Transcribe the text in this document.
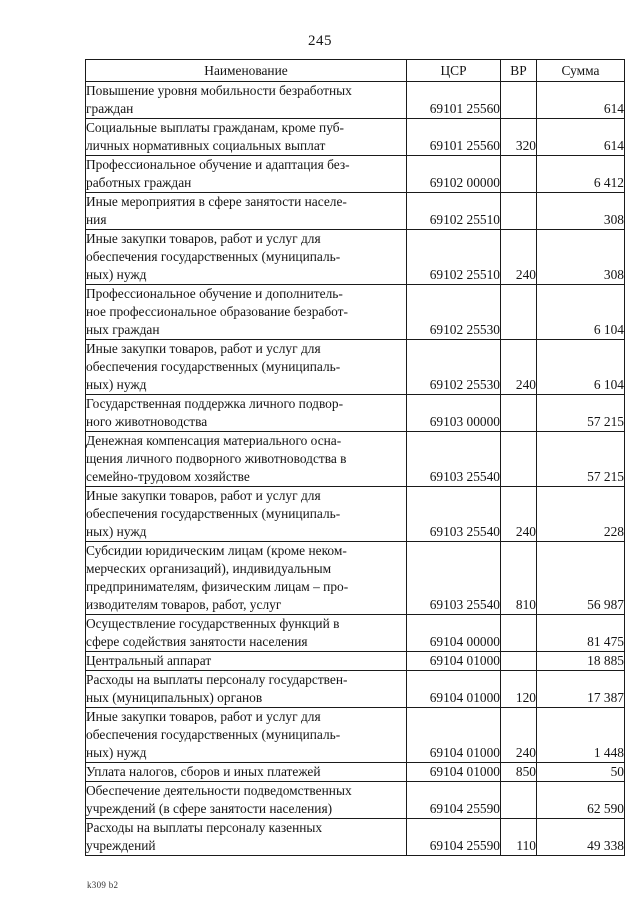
245
Наименование	ЦСР	ВР	Сумма
Повышение уровня мобильности безработных
граждан	69101 25560		614
Социальные выплаты гражданам, кроме пуб-
личных нормативных социальных выплат	69101 25560	320	614
Профессиональное обучение и адаптация без-
работных граждан	69102 00000		6 412
Иные мероприятия в сфере занятости населе-
ния	69102 25510		308
Иные закупки товаров, работ и услуг для
обеспечения государственных (муниципаль-
ных) нужд	69102 25510	240	308
Профессиональное обучение и дополнитель-
ное профессиональное образование безработ-
ных граждан	69102 25530		6 104
Иные закупки товаров, работ и услуг для
обеспечения государственных (муниципаль-
ных) нужд	69102 25530	240	6 104
Государственная поддержка личного подвор-
ного животноводства	69103 00000		57 215
Денежная компенсация материального осна-
щения личного подворного животноводства в
семейно-трудовом хозяйстве	69103 25540		57 215
Иные закупки товаров, работ и услуг для
обеспечения государственных (муниципаль-
ных) нужд	69103 25540	240	228
Субсидии юридическим лицам (кроме неком-
мерческих организаций), индивидуальным
предпринимателям, физическим лицам – про-
изводителям товаров, работ, услуг	69103 25540	810	56 987
Осуществление государственных функций в
сфере содействия занятости населения	69104 00000		81 475
Центральный аппарат	69104 01000		18 885
Расходы на выплаты персоналу государствен-
ных (муниципальных) органов	69104 01000	120	17 387
Иные закупки товаров, работ и услуг для
обеспечения государственных (муниципаль-
ных) нужд	69104 01000	240	1 448
Уплата налогов, сборов и иных платежей	69104 01000	850	50
Обеспечение деятельности подведомственных
учреждений (в сфере занятости населения)	69104 25590		62 590
Расходы на выплаты персоналу казенных
учреждений	69104 25590	110	49 338
k309 b2
